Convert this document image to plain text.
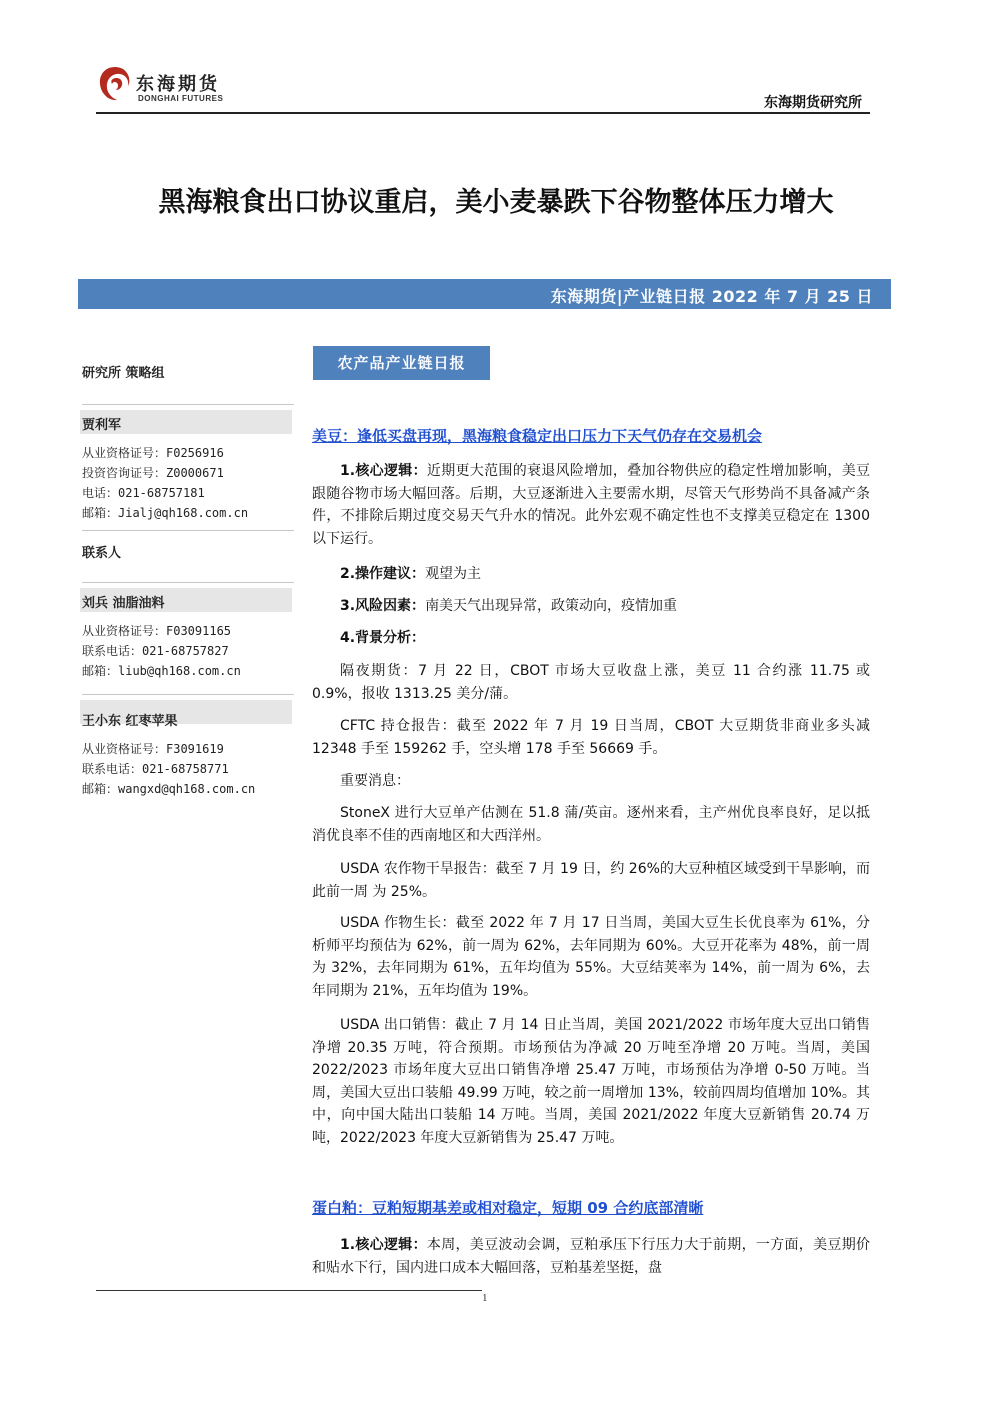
东海期货
DONGHAI FUTURES	东海期货研究所
黑海粮食出口协议重启，美小麦暴跌下谷物整体压力增大
东海期货|产业链日报 2022 年 7 月 25 日
研究所 策略组
贾利军
从业资格证号：F0256916
投资咨询证号：Z0000671
电话：021-68757181
邮箱：Jialj@qh168.com.cn
联系人
刘兵 油脂油料
从业资格证号：F03091165
联系电话：021-68757827
邮箱：liub@qh168.com.cn
王小东 红枣苹果
从业资格证号：F3091619
联系电话：021-68758771
邮箱：wangxd@qh168.com.cn
农产品产业链日报
美豆：逢低买盘再现，黑海粮食稳定出口压力下天气仍存在交易机会
1.核心逻辑：近期更大范围的衰退风险增加，叠加谷物供应的稳定性增加影响，美豆跟随谷物市场大幅回落。后期，大豆逐渐进入主要需水期，尽管天气形势尚不具备减产条件，不排除后期过度交易天气升水的情况。此外宏观不确定性也不支撑美豆稳定在 1300 以下运行。
2.操作建议：观望为主
3.风险因素：南美天气出现异常，政策动向，疫情加重
4.背景分析：
隔夜期货：7 月 22 日，CBOT 市场大豆收盘上涨，美豆 11 合约涨 11.75 或 0.9%，报收 1313.25 美分/蒲。
CFTC 持仓报告：截至 2022 年 7 月 19 日当周，CBOT 大豆期货非商业多头减 12348 手至 159262 手，空头增 178 手至 56669 手。
重要消息：
StoneX 进行大豆单产估测在 51.8 蒲/英亩。逐州来看，主产州优良率良好，足以抵消优良率不佳的西南地区和大西洋州。
USDA 农作物干旱报告：截至 7 月 19 日，约 26%的大豆种植区域受到干旱影响，而此前一周 为 25%。
USDA 作物生长：截至 2022 年 7 月 17 日当周，美国大豆生长优良率为 61%，分析师平均预估为 62%，前一周为 62%，去年同期为 60%。大豆开花率为 48%，前一周为 32%，去年同期为 61%，五年均值为 55%。大豆结荚率为 14%，前一周为 6%，去年同期为 21%，五年均值为 19%。
USDA 出口销售：截止 7 月 14 日止当周，美国 2021/2022 市场年度大豆出口销售净增 20.35 万吨，符合预期。市场预估为净减 20 万吨至净增 20 万吨。当周，美国 2022/2023 市场年度大豆出口销售净增 25.47 万吨，市场预估为净增 0-50 万吨。当周，美国大豆出口装船 49.99 万吨，较之前一周增加 13%，较前四周均值增加 10%。其中，向中国大陆出口装船 14 万吨。当周，美国 2021/2022 年度大豆新销售 20.74 万吨，2022/2023 年度大豆新销售为 25.47 万吨。
蛋白粕：豆粕短期基差或相对稳定，短期 09 合约底部清晰
1.核心逻辑：本周，美豆波动会调，豆粕承压下行压力大于前期，一方面，美豆期价和贴水下行，国内进口成本大幅回落，豆粕基差坚挺，盘
1
